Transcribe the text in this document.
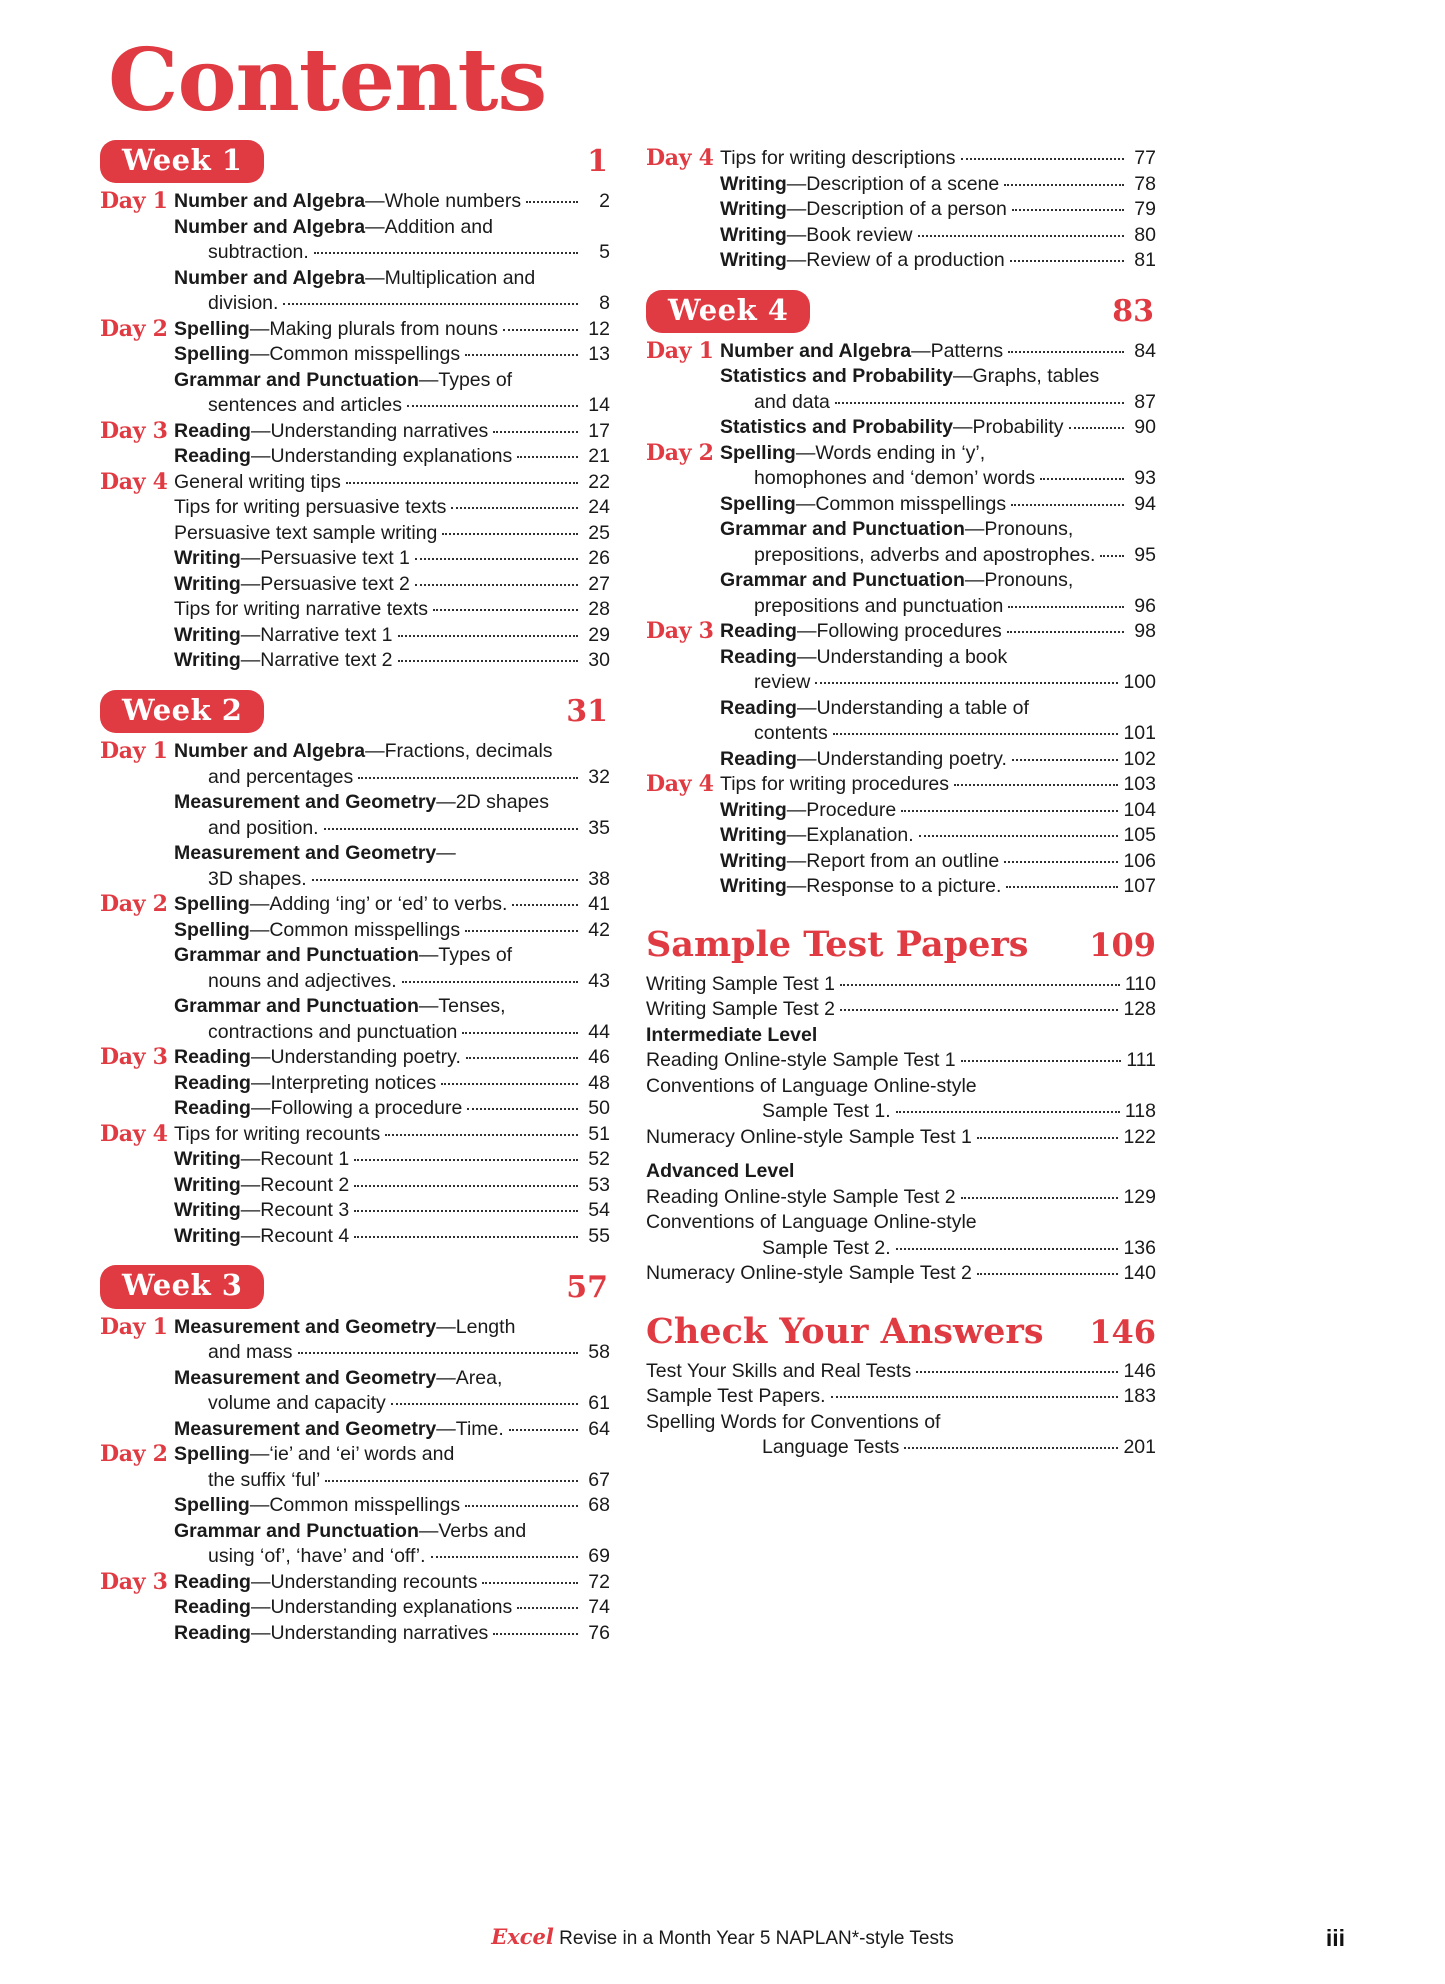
Contents
Week 1	1
Day 1 Number and Algebra—Whole numbers	2
Number and Algebra—Addition and
subtraction.	5
Number and Algebra—Multiplication and
division.	8
Day 2 Spelling—Making plurals from nouns	12
Spelling—Common misspellings	13
Grammar and Punctuation—Types of
sentences and articles	14
Day 3 Reading—Understanding narratives	17
Reading—Understanding explanations	21
Day 4 General writing tips	22
Tips for writing persuasive texts	24
Persuasive text sample writing	25
Writing—Persuasive text 1	26
Writing—Persuasive text 2	27
Tips for writing narrative texts	28
Writing—Narrative text 1	29
Writing—Narrative text 2	30
Week 2	31
Day 1 Number and Algebra—Fractions, decimals
and percentages	32
Measurement and Geometry—2D shapes
and position.	35
Measurement and Geometry—
3D shapes.	38
Day 2 Spelling—Adding ‘ing’ or ‘ed’ to verbs.	41
Spelling—Common misspellings	42
Grammar and Punctuation—Types of
nouns and adjectives.	43
Grammar and Punctuation—Tenses,
contractions and punctuation	44
Day 3 Reading—Understanding poetry.	46
Reading—Interpreting notices	48
Reading—Following a procedure	50
Day 4 Tips for writing recounts	51
Writing—Recount 1	52
Writing—Recount 2	53
Writing—Recount 3	54
Writing—Recount 4	55
Week 3	57
Day 1 Measurement and Geometry—Length
and mass	58
Measurement and Geometry—Area,
volume and capacity	61
Measurement and Geometry—Time.	64
Day 2 Spelling—‘ie’ and ‘ei’ words and
the suffix ‘ful’	67
Spelling—Common misspellings	68
Grammar and Punctuation—Verbs and
using ‘of’, ‘have’ and ‘off’.	69
Day 3 Reading—Understanding recounts	72
Reading—Understanding explanations	74
Reading—Understanding narratives	76
Day 4 Tips for writing descriptions	77
Writing—Description of a scene	78
Writing—Description of a person	79
Writing—Book review	80
Writing—Review of a production	81
Week 4	83
Day 1 Number and Algebra—Patterns	84
Statistics and Probability—Graphs, tables
and data	87
Statistics and Probability—Probability	90
Day 2 Spelling—Words ending in ‘y’,
homophones and ‘demon’ words	93
Spelling—Common misspellings	94
Grammar and Punctuation—Pronouns,
prepositions, adverbs and apostrophes. 95
Grammar and Punctuation—Pronouns,
prepositions and punctuation	96
Day 3 Reading—Following procedures	98
Reading—Understanding a book
review	100
Reading—Understanding a table of
contents	101
Reading—Understanding poetry.	102
Day 4 Tips for writing procedures	103
Writing—Procedure	104
Writing—Explanation.	105
Writing—Report from an outline	106
Writing—Response to a picture.	107
Sample Test Papers 109
Writing Sample Test 1	110
Writing Sample Test 2	128
Intermediate Level
Reading Online-style Sample Test 1	111
Conventions of Language Online-style
Sample Test 1.	118
Numeracy Online-style Sample Test 1	122
Advanced Level
Reading Online-style Sample Test 2	129
Conventions of Language Online-style
Sample Test 2.	136
Numeracy Online-style Sample Test 2	140
Check Your Answers 146
Test Your Skills and Real Tests	146
Sample Test Papers.	183
Spelling Words for Conventions of
Language Tests	201
Excel Revise in a Month Year 5 NAPLAN*-style Tests	iii
